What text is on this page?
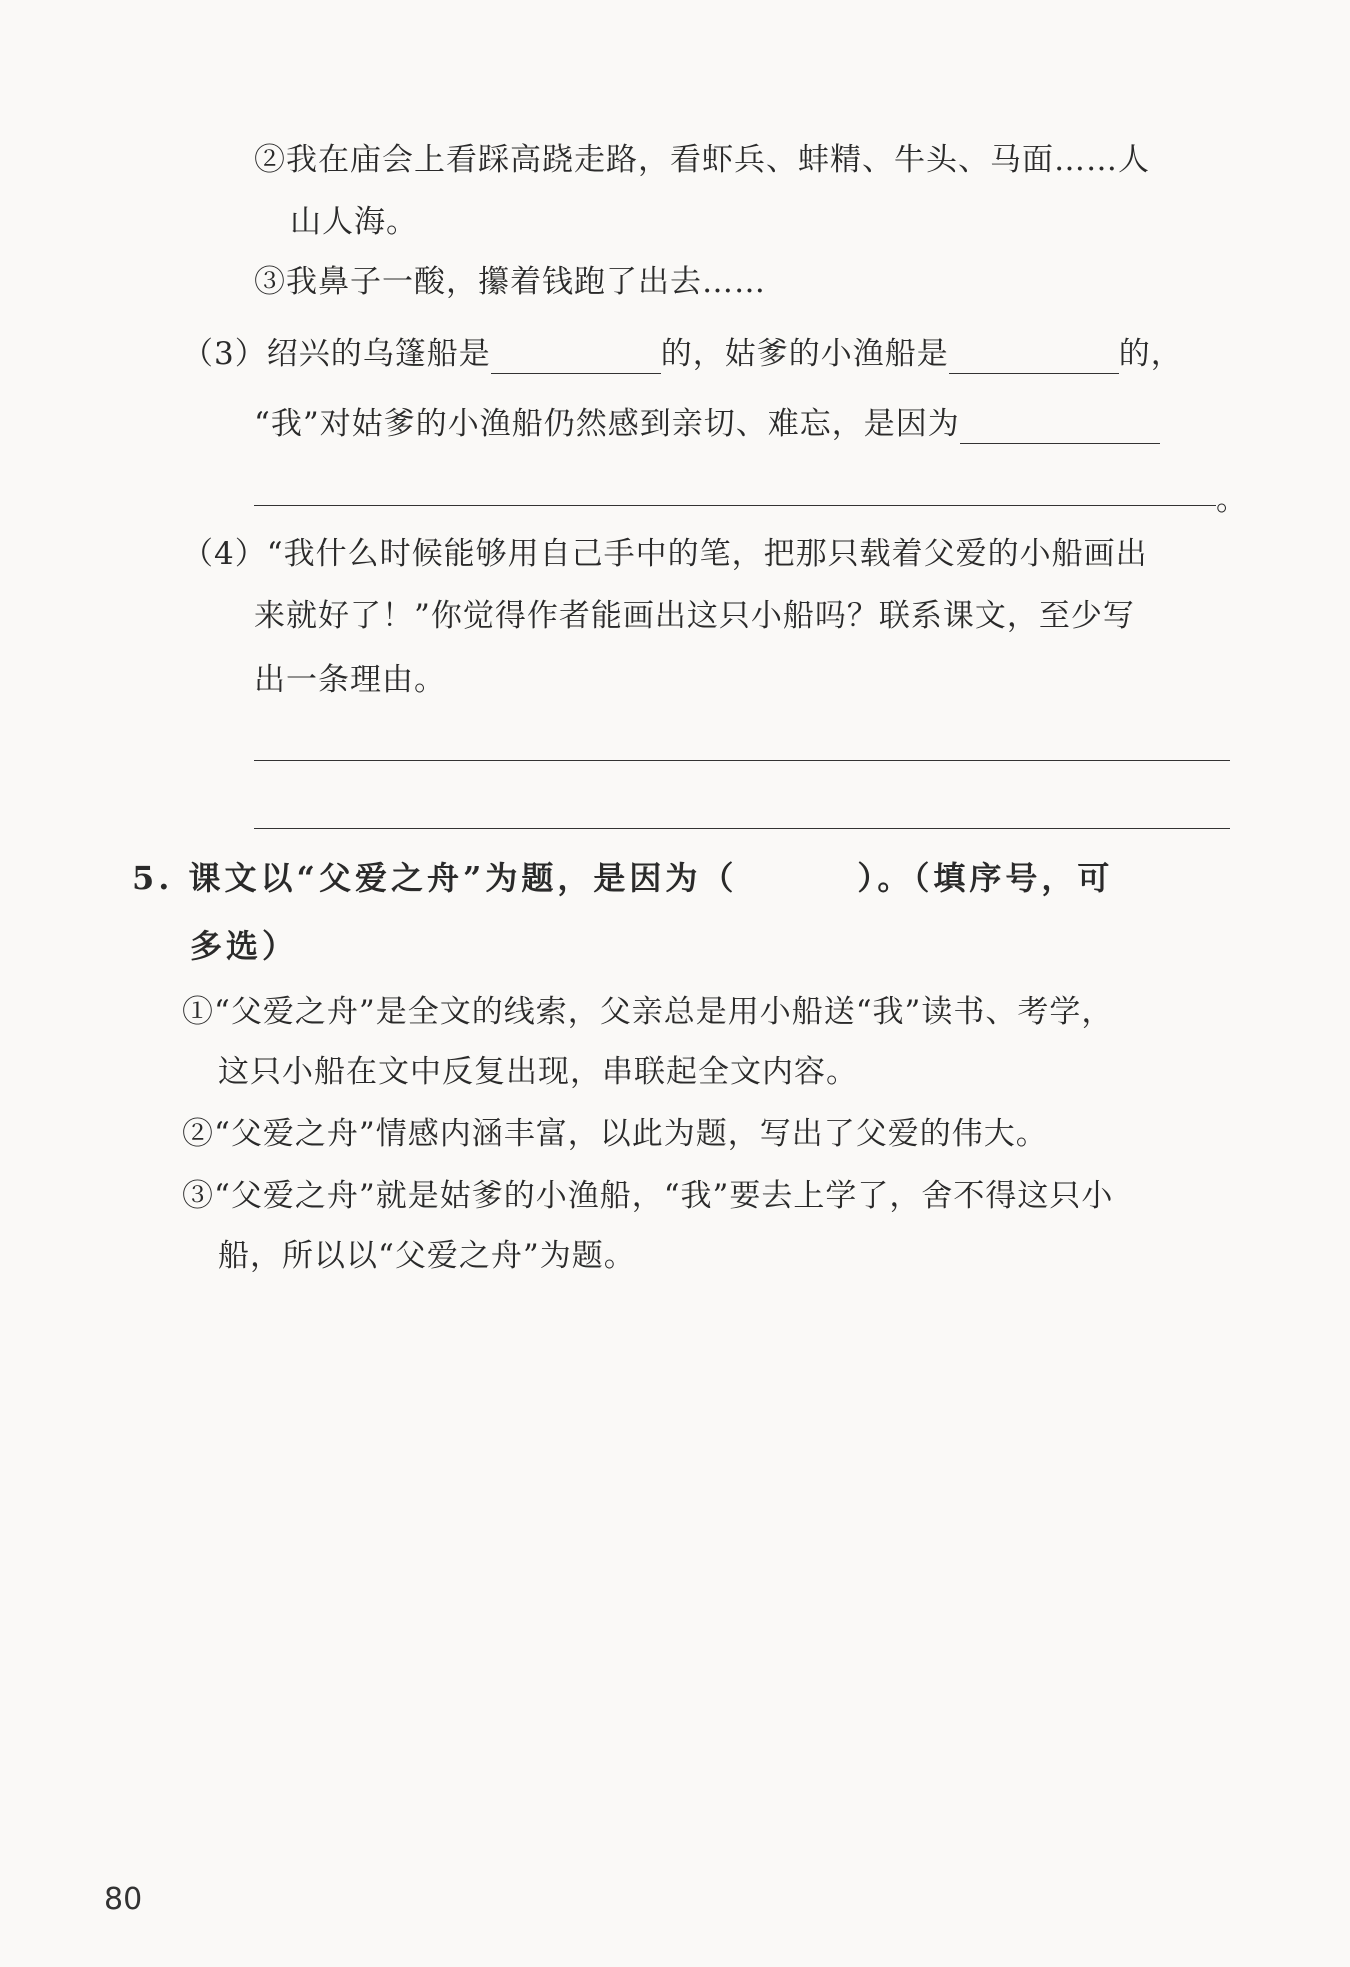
②我在庙会上看踩高跷走路，看虾兵、蚌精、牛头、马面……人
山人海。
③我鼻子一酸，攥着钱跑了出去……
（3）绍兴的乌篷船是	的，姑爹的小渔船是	的，
“我”对姑爹的小渔船仍然感到亲切、难忘，是因为
。
（4）“我什么时候能够用自己手中的笔，把那只载着父爱的小船画出
来就好了！”你觉得作者能画出这只小船吗？联系课文，至少写
出一条理由。
5. 课文以“父爱之舟”为题，是因为（	）。（填序号，可
多选）
①“父爱之舟”是全文的线索，父亲总是用小船送“我”读书、考学，
这只小船在文中反复出现，串联起全文内容。
②“父爱之舟”情感内涵丰富，以此为题，写出了父爱的伟大。
③“父爱之舟”就是姑爹的小渔船，“我”要去上学了，舍不得这只小
船，所以以“父爱之舟”为题。
80
